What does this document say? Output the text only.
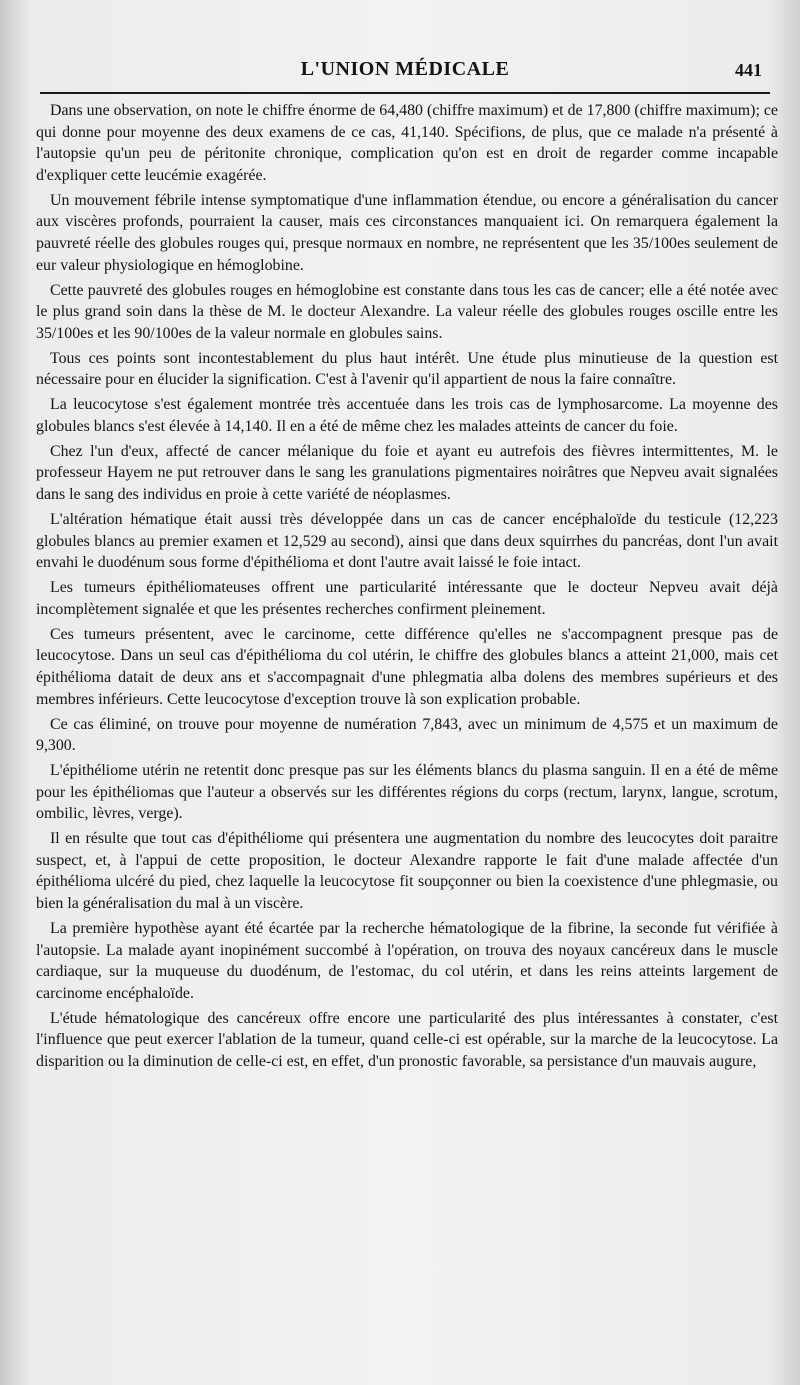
L'UNION MÉDICALE	441

Dans une observation, on note le chiffre énorme de 64,480 (chiffre maximum) et de 17,800 (chiffre maximum); ce qui donne pour moyenne des deux examens de ce cas, 41,140. Spécifions, de plus, que ce malade n'a présenté à l'autopsie qu'un peu de péritonite chronique, complication qu'on est en droit de regarder comme incapable d'expliquer cette leucémie exagérée.

Un mouvement fébrile intense symptomatique d'une inflammation étendue, ou encore a généralisation du cancer aux viscères profonds, pourraient la causer, mais ces circonstances manquaient ici. On remarquera également la pauvreté réelle des globules rouges qui, presque normaux en nombre, ne représentent que les 35/100es seulement de eur valeur physiologique en hémoglobine.

Cette pauvreté des globules rouges en hémoglobine est constante dans tous les cas de cancer; elle a été notée avec le plus grand soin dans la thèse de M. le docteur Alexandre. La valeur réelle des globules rouges oscille entre les 35/100es et les 90/100es de la valeur normale en globules sains.

Tous ces points sont incontestablement du plus haut intérêt. Une étude plus minutieuse de la question est nécessaire pour en élucider la signification. C'est à l'avenir qu'il appartient de nous la faire connaître.

La leucocytose s'est également montrée très accentuée dans les trois cas de lymphosarcome. La moyenne des globules blancs s'est élevée à 14,140. Il en a été de même chez les malades atteints de cancer du foie.

Chez l'un d'eux, affecté de cancer mélanique du foie et ayant eu autrefois des fièvres intermittentes, M. le professeur Hayem ne put retrouver dans le sang les granulations pigmentaires noirâtres que Nepveu avait signalées dans le sang des individus en proie à cette variété de néoplasmes.

L'altération hématique était aussi très développée dans un cas de cancer encéphaloïde du testicule (12,223 globules blancs au premier examen et 12,529 au second), ainsi que dans deux squirrhes du pancréas, dont l'un avait envahi le duodénum sous forme d'épithélioma et dont l'autre avait laissé le foie intact.

Les tumeurs épithéliomateuses offrent une particularité intéressante que le docteur Nepveu avait déjà incomplètement signalée et que les présentes recherches confirment pleinement.

Ces tumeurs présentent, avec le carcinome, cette différence qu'elles ne s'accompagnent presque pas de leucocytose. Dans un seul cas d'épithélioma du col utérin, le chiffre des globules blancs a atteint 21,000, mais cet épithélioma datait de deux ans et s'accompagnait d'une phlegmatia alba dolens des membres supérieurs et des membres inférieurs. Cette leucocytose d'exception trouve là son explication probable.

Ce cas éliminé, on trouve pour moyenne de numération 7,843, avec un minimum de 4,575 et un maximum de 9,300.

L'épithéliome utérin ne retentit donc presque pas sur les éléments blancs du plasma sanguin. Il en a été de même pour les épithéliomas que l'auteur a observés sur les différentes régions du corps (rectum, larynx, langue, scrotum, ombilic, lèvres, verge).

Il en résulte que tout cas d'épithéliome qui présentera une augmentation du nombre des leucocytes doit paraitre suspect, et, à l'appui de cette proposition, le docteur Alexandre rapporte le fait d'une malade affectée d'un épithélioma ulcéré du pied, chez laquelle la leucocytose fit soupçonner ou bien la coexistence d'une phlegmasie, ou bien la généralisation du mal à un viscère.

La première hypothèse ayant été écartée par la recherche hématologique de la fibrine, la seconde fut vérifiée à l'autopsie. La malade ayant inopinément succombé à l'opération, on trouva des noyaux cancéreux dans le muscle cardiaque, sur la muqueuse du duodénum, de l'estomac, du col utérin, et dans les reins atteints largement de carcinome encéphaloïde.

L'étude hématologique des cancéreux offre encore une particularité des plus intéressantes à constater, c'est l'influence que peut exercer l'ablation de la tumeur, quand celle-ci est opérable, sur la marche de la leucocytose. La disparition ou la diminution de celle-ci est, en effet, d'un pronostic favorable, sa persistance d'un mauvais augure,
